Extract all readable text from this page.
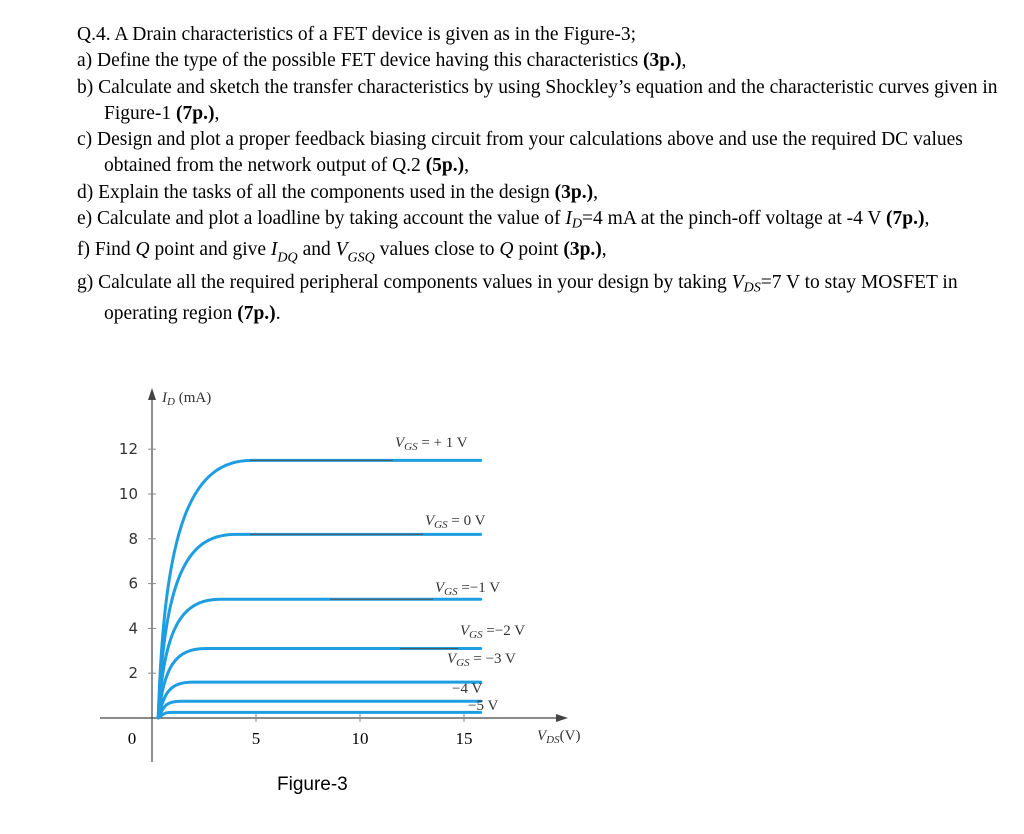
Q.4. A Drain characteristics of a FET device is given as in the Figure-3;
a) Define the type of the possible FET device having this characteristics (3p.),
b) Calculate and sketch the transfer characteristics by using Shockley’s equation and the characteristic curves given in Figure-1 (7p.),
c) Design and plot a proper feedback biasing circuit from your calculations above and use the required DC values obtained from the network output of Q.2 (5p.),
d) Explain the tasks of all the components used in the design (3p.),
e) Calculate and plot a loadline by taking account the value of $I_D=4$ mA at the pinch-off voltage at -4 V (7p.),
f) Find Q point and give $I_{DQ}$ and $V_{GSQ}$ values close to Q point (3p.),
g) Calculate all the required peripheral components values in your design by taking $V_{DS}=7$ V to stay MOSFET in operating region (7p.).
12
10
8
6
4
2
0	5	10	15
$I_D$ (mA)
$V_{DS}(V)$
$V_{GS}$ = + 1 V
$V_{GS} = 0$ V
$V_{GS} =-1$ V
$V_{GS} =-2$ V
$V_{GS} = -3$ V
−4 V
−5 V
Figure-3
